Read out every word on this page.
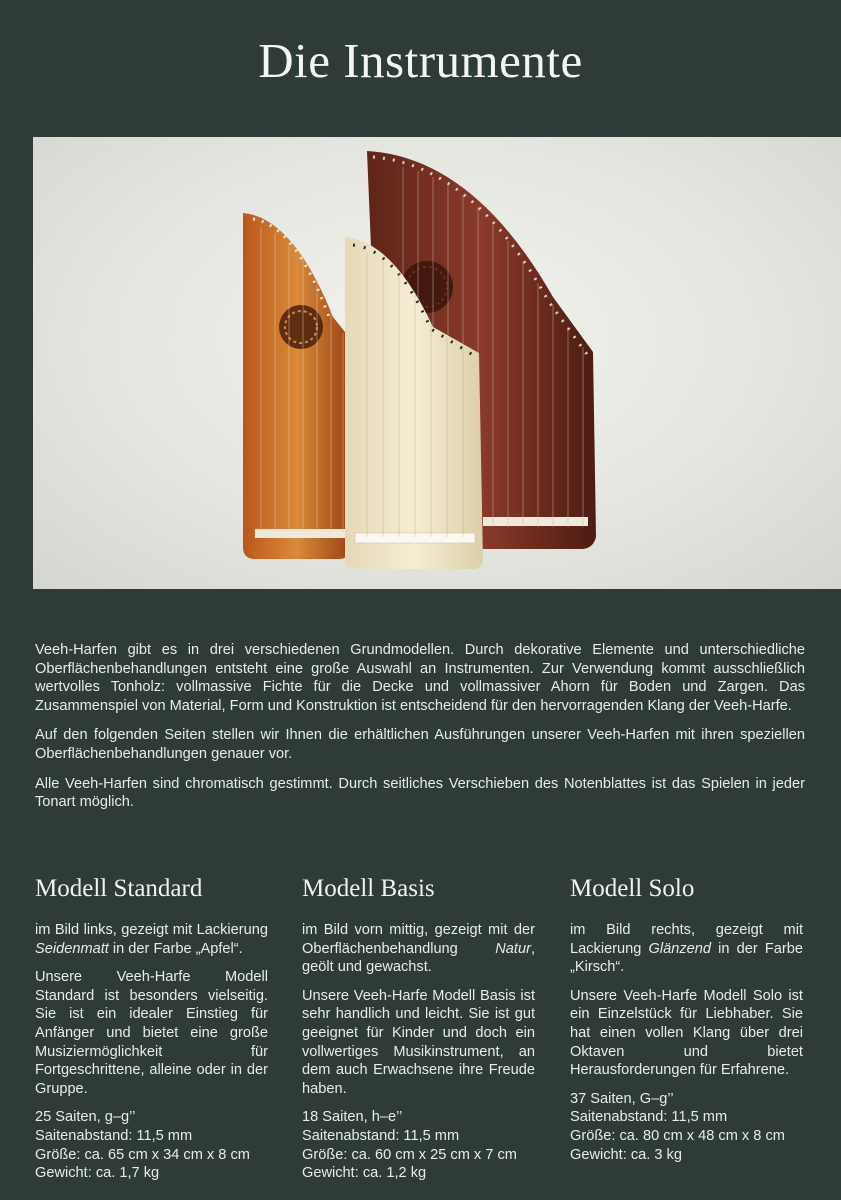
Die Instrumente

Veeh-Harfen gibt es in drei verschiedenen Grundmodellen. Durch dekorative Elemente und unterschiedliche Oberflächenbehandlungen entsteht eine große Auswahl an Instrumenten. Zur Verwendung kommt ausschließlich wertvolles Tonholz: vollmassive Fichte für die Decke und vollmassiver Ahorn für Boden und Zargen. Das Zusammenspiel von Material, Form und Konstruktion ist entscheidend für den hervorragenden Klang der Veeh-Harfe.

Auf den folgenden Seiten stellen wir Ihnen die erhältlichen Ausführungen unserer Veeh-Harfen mit ihren speziellen Oberflächenbehandlungen genauer vor.

Alle Veeh-Harfen sind chromatisch gestimmt. Durch seitliches Verschieben des Notenblattes ist das Spielen in jeder Tonart möglich.

Modell Standard

im Bild links, gezeigt mit Lackierung Seidenmatt in der Farbe „Apfel“.

Unsere Veeh-Harfe Modell Standard ist besonders vielseitig. Sie ist ein idealer Einstieg für Anfänger und bietet eine große Musiziermöglichkeit für Fortgeschrittene, alleine oder in der Gruppe.

25 Saiten, g–g’’
Saitenabstand: 11,5 mm
Größe: ca. 65 cm x 34 cm x 8 cm
Gewicht: ca. 1,7 kg
Modell Basis

im Bild vorn mittig, gezeigt mit der Oberflächenbehandlung Natur, geölt und gewachst.

Unsere Veeh-Harfe Modell Basis ist sehr handlich und leicht. Sie ist gut geeignet für Kinder und doch ein vollwertiges Musikinstrument, an dem auch Erwachsene ihre Freude haben.

18 Saiten, h–e’’
Saitenabstand: 11,5 mm
Größe: ca. 60 cm x 25 cm x 7 cm
Gewicht: ca. 1,2 kg
Modell Solo

im Bild rechts, gezeigt mit Lackierung Glänzend in der Farbe „Kirsch“.

Unsere Veeh-Harfe Modell Solo ist ein Einzelstück für Liebhaber. Sie hat einen vollen Klang über drei Oktaven und bietet Herausforderungen für Erfahrene.

37 Saiten, G–g’’
Saitenabstand: 11,5 mm
Größe: ca. 80 cm x 48 cm x 8 cm
Gewicht: ca. 3 kg
